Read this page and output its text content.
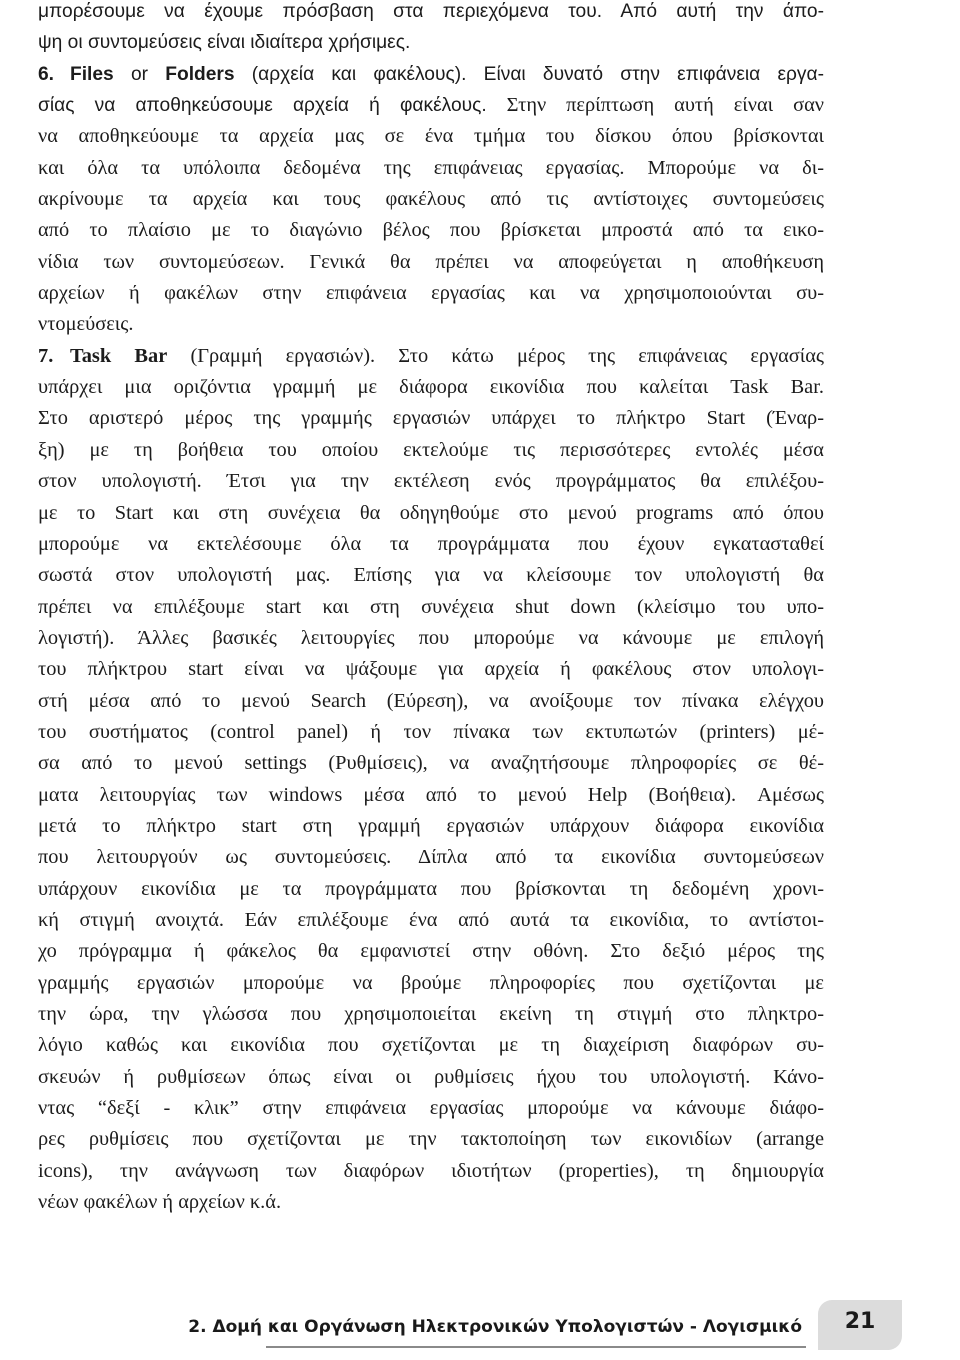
μπορέσουμε να έχουμε πρόσβαση στα περιεχόμενα του. Από αυτή την άπο-
ψη οι συντομεύσεις είναι ιδιαίτερα χρήσιμες.
6. Files or Folders (αρχεία και φακέλους). Είναι δυνατό στην επιφάνεια εργα-
σίας να αποθηκεύσουμε αρχεία ή φακέλους. Στην περίπτωση αυτή είναι σαν
να αποθηκεύουμε τα αρχεία μας σε ένα τμήμα του δίσκου όπου βρίσκονται
και όλα τα υπόλοιπα δεδομένα της επιφάνειας εργασίας. Μπορούμε να δι-
ακρίνουμε τα αρχεία και τους φακέλους από τις αντίστοιχες συντομεύσεις
από το πλαίσιο με το διαγώνιο βέλος που βρίσκεται μπροστά από τα εικο-
νίδια των συντομεύσεων. Γενικά θα πρέπει να αποφεύγεται η αποθήκευση
αρχείων ή φακέλων στην επιφάνεια εργασίας και να χρησιμοποιούνται συ-
ντομεύσεις.
7. Task Bar (Γραμμή εργασιών). Στο κάτω μέρος της επιφάνειας εργασίας
υπάρχει μια οριζόντια γραμμή με διάφορα εικονίδια που καλείται Task Bar.
Στο αριστερό μέρος της γραμμής εργασιών υπάρχει το πλήκτρο Start (Έναρ-
ξη) με τη βοήθεια του οποίου εκτελούμε τις περισσότερες εντολές μέσα
στον υπολογιστή. Έτσι για την εκτέλεση ενός προγράμματος θα επιλέξου-
με το Start και στη συνέχεια θα οδηγηθούμε στο μενού programs από όπου
μπορούμε να εκτελέσουμε όλα τα προγράμματα που έχουν εγκατασταθεί
σωστά στον υπολογιστή μας. Επίσης για να κλείσουμε τον υπολογιστή θα
πρέπει να επιλέξουμε start και στη συνέχεια shut down (κλείσιμο του υπο-
λογιστή). Άλλες βασικές λειτουργίες που μπορούμε να κάνουμε με επιλογή
του πλήκτρου start είναι να ψάξουμε για αρχεία ή φακέλους στον υπολογι-
στή μέσα από το μενού Search (Εύρεση), να ανοίξουμε τον πίνακα ελέγχου
του συστήματος (control panel) ή τον πίνακα των εκτυπωτών (printers) μέ-
σα από το μενού settings (Ρυθμίσεις), να αναζητήσουμε πληροφορίες σε θέ-
ματα λειτουργίας των windows μέσα από το μενού Help (Βοήθεια). Αμέσως
μετά το πλήκτρο start στη γραμμή εργασιών υπάρχουν διάφορα εικονίδια
που λειτουργούν ως συντομεύσεις. Δίπλα από τα εικονίδια συντομεύσεων
υπάρχουν εικονίδια με τα προγράμματα που βρίσκονται τη δεδομένη χρονι-
κή στιγμή ανοιχτά. Εάν επιλέξουμε ένα από αυτά τα εικονίδια, το αντίστοι-
χο πρόγραμμα ή φάκελος θα εμφανιστεί στην οθόνη. Στο δεξιό μέρος της
γραμμής εργασιών μπορούμε να βρούμε πληροφορίες που σχετίζονται με
την ώρα, την γλώσσα που χρησιμοποιείται εκείνη τη στιγμή στο πληκτρο-
λόγιο καθώς και εικονίδια που σχετίζονται με τη διαχείριση διαφόρων συ-
σκευών ή ρυθμίσεων όπως είναι οι ρυθμίσεις ήχου του υπολογιστή. Κάνο-
ντας “δεξί - κλικ” στην επιφάνεια εργασίας μπορούμε να κάνουμε διάφο-
ρες ρυθμίσεις που σχετίζονται με την τακτοποίηση των εικονιδίων (arrange
icons), την ανάγνωση των διαφόρων ιδιοτήτων (properties), τη δημιουργία
νέων φακέλων ή αρχείων κ.ά.
2. Δομή και Οργάνωση Ηλεκτρονικών Υπολογιστών - Λογισμικό	21
